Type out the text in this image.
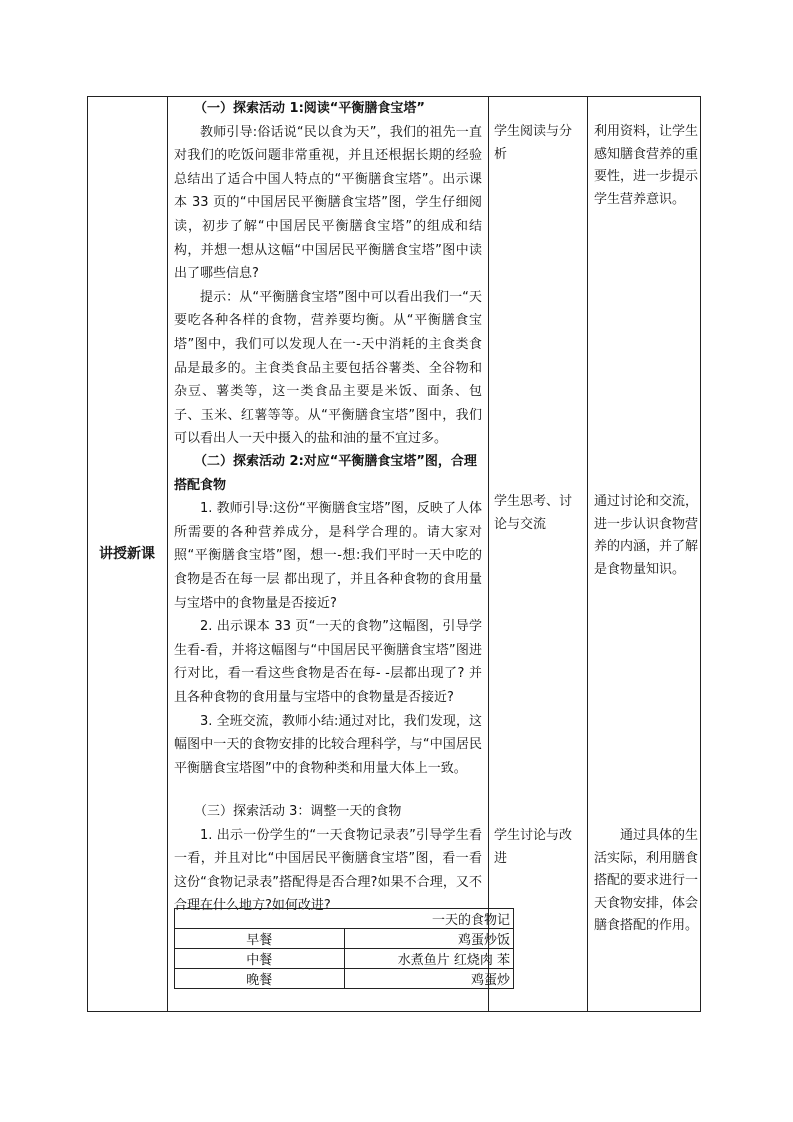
讲授新课

（一）探索活动 1:阅读“平衡膳食宝塔”

教师引导:俗话说“民以食为天”，我们的祖先一直对我们的吃饭问题非常重视，并且还根据长期的经验总结出了适合中国人特点的“平衡膳食宝塔”。出示课本 33 页的“中国居民平衡膳食宝塔”图，学生仔细阅读，初步了解“中国居民平衡膳食宝塔”的组成和结构，并想一想从这幅“中国居民平衡膳食宝塔”图中读出了哪些信息?

提示：从“平衡膳食宝塔”图中可以看出我们一“天要吃各种各样的食物，营养要均衡。从“平衡膳食宝塔”图中，我们可以发现人在一-天中消耗的主食类食品是最多的。主食类食品主要包括谷薯类、全谷物和杂豆、薯类等，这一类食品主要是米饭、面条、包子、玉米、红薯等等。从“平衡膳食宝塔”图中，我们可以看出人一天中摄入的盐和油的量不宜过多。

学生阅读与分析
利用资料，让学生感知膳食营养的重要性，进一步提示学生营养意识。

（二）探索活动 2:对应“平衡膳食宝塔”图，合理搭配食物

1. 教师引导:这份“平衡膳食宝塔”图，反映了人体所需要的各种营养成分，是科学合理的。请大家对照“平衡膳食宝塔”图，想一-想:我们平时一天中吃的食物是否在每一层 都出现了，并且各种食物的食用量与宝塔中的食物量是否接近?

2. 出示课本 33 页“一天的食物”这幅图，引导学生看-看，并将这幅图与“中国居民平衡膳食宝塔”图进行对比，看一看这些食物是否在每- -层都出现了? 并且各种食物的食用量与宝塔中的食物量是否接近?

3. 全班交流，教师小结:通过对比，我们发现，这幅图中一天的食物安排的比较合理科学，与“中国居民平衡膳食宝塔图”中的食物种类和用量大体上一致。

学生思考、讨论与交流
通过讨论和交流，进一步认识食物营养的内涵，并了解是食物量知识。

（三）探索活动 3：调整一天的食物

1. 出示一份学生的“一天食物记录表”引导学生看一看，并且对比“中国居民平衡膳食宝塔”图，看一看这份“食物记录表”搭配得是否合理?如果不合理，又不合理在什么地方?如何改进?

学生讨论与改进
通过具体的生活实际，利用膳食搭配的要求进行一天食物安排，体会膳食搭配的作用。
一天的食物记	
早餐	鸡蛋炒饭
中餐	水煮鱼片 红烧肉 苯
晚餐	鸡蛋炒
